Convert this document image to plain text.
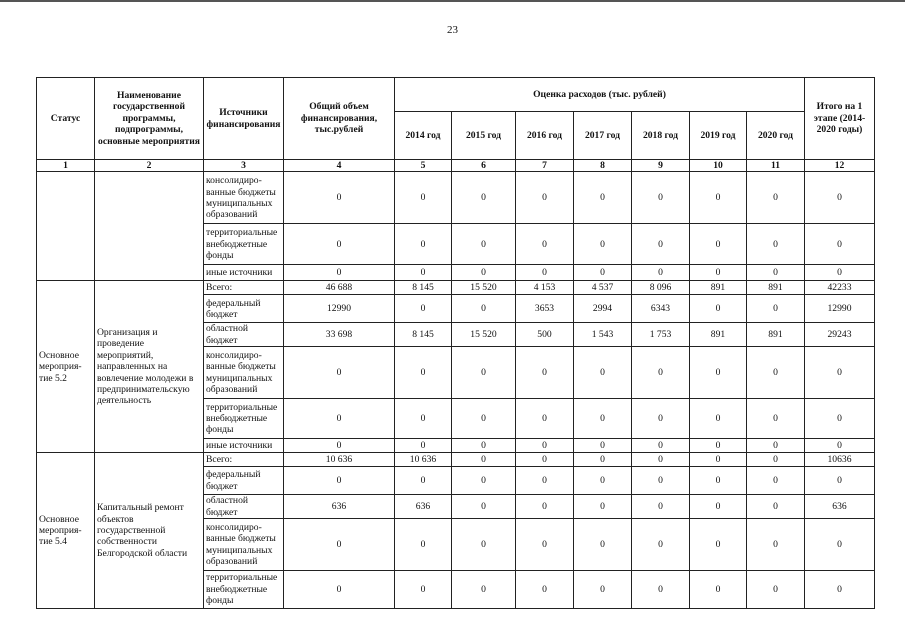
23
Статус	Наименование государственной программы, подпрограммы, основные мероприятия	Источники финансирования	Общий объем финансирования, тыс.рублей	Оценка расходов (тыс. рублей)							Итого на 1 этапе (2014-2020 годы)
				2014 год	2015 год	2016 год	2017 год	2018 год	2019 год	2020 год	
1	2	3	4	5	6	7	8	9	10	11	12
		консолидиро-ванные бюджеты муниципальных образований	0	0	0	0	0	0	0	0	0
		территориальные внебюджетные фонды	0	0	0	0	0	0	0	0	0
		иные источники	0	0	0	0	0	0	0	0	0
Основное мероприя-тие 5.2	Организация и проведение мероприятий, направленных на вовлечение молодежи в предпринимательскую деятельность	Всего:	46 688	8 145	15 520	4 153	4 537	8 096	891	891	42233
		федеральный бюджет	12990	0	0	3653	2994	6343	0	0	12990
		областной бюджет	33 698	8 145	15 520	500	1 543	1 753	891	891	29243
		консолидиро-ванные бюджеты муниципальных образований	0	0	0	0	0	0	0	0	0
		территориальные внебюджетные фонды	0	0	0	0	0	0	0	0	0
		иные источники	0	0	0	0	0	0	0	0	0
Основное мероприя-тие 5.4	Капитальный ремонт объектов государственной собственности Белгородской области	Всего:	10 636	10 636	0	0	0	0	0	0	10636
		федеральный бюджет	0	0	0	0	0	0	0	0	0
		областной бюджет	636	636	0	0	0	0	0	0	636
		консолидиро-ванные бюджеты муниципальных образований	0	0	0	0	0	0	0	0	0
		территориальные внебюджетные фонды	0	0	0	0	0	0	0	0	0
